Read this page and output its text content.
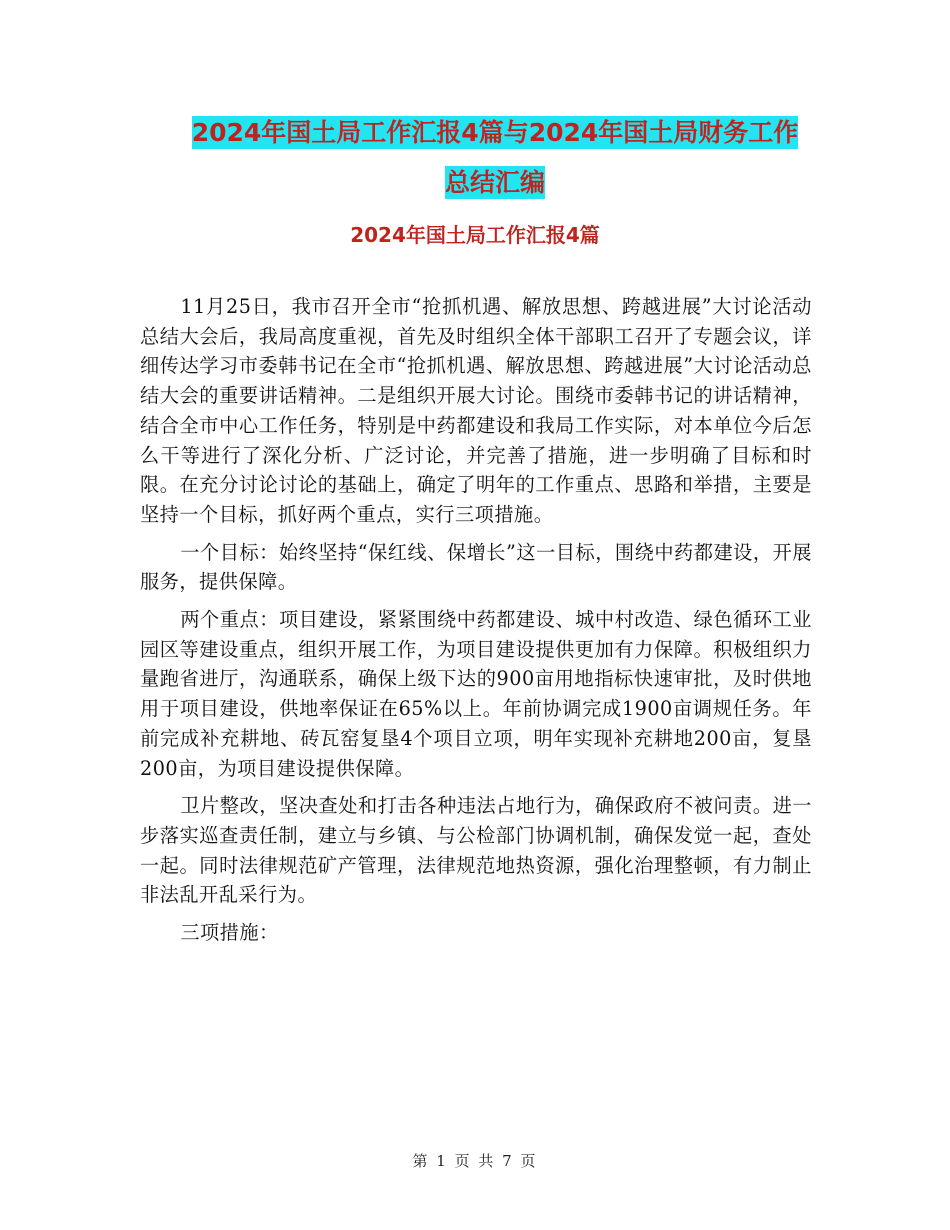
2024年国土局工作汇报4篇与2024年国土局财务工作
总结汇编
2024年国土局工作汇报4篇

11月25日，我市召开全市“抢抓机遇、解放思想、跨越进展”大讨论活动总结大会后，我局高度重视，首先及时组织全体干部职工召开了专题会议，详细传达学习市委韩书记在全市“抢抓机遇、解放思想、跨越进展”大讨论活动总结大会的重要讲话精神。二是组织开展大讨论。围绕市委韩书记的讲话精神，结合全市中心工作任务，特别是中药都建设和我局工作实际，对本单位今后怎么干等进行了深化分析、广泛讨论，并完善了措施，进一步明确了目标和时限。在充分讨论讨论的基础上，确定了明年的工作重点、思路和举措，主要是坚持一个目标，抓好两个重点，实行三项措施。

一个目标：始终坚持“保红线、保增长”这一目标，围绕中药都建设，开展服务，提供保障。

两个重点：项目建设，紧紧围绕中药都建设、城中村改造、绿色循环工业园区等建设重点，组织开展工作，为项目建设提供更加有力保障。积极组织力量跑省进厅，沟通联系，确保上级下达的900亩用地指标快速审批，及时供地用于项目建设，供地率保证在65%以上。年前协调完成1900亩调规任务。年前完成补充耕地、砖瓦窑复垦4个项目立项，明年实现补充耕地200亩，复垦200亩，为项目建设提供保障。

卫片整改，坚决查处和打击各种违法占地行为，确保政府不被问责。进一步落实巡查责任制，建立与乡镇、与公检部门协调机制，确保发觉一起，查处一起。同时法律规范矿产管理，法律规范地热资源，强化治理整顿，有力制止非法乱开乱采行为。

三项措施：

第 1 页 共 7 页
